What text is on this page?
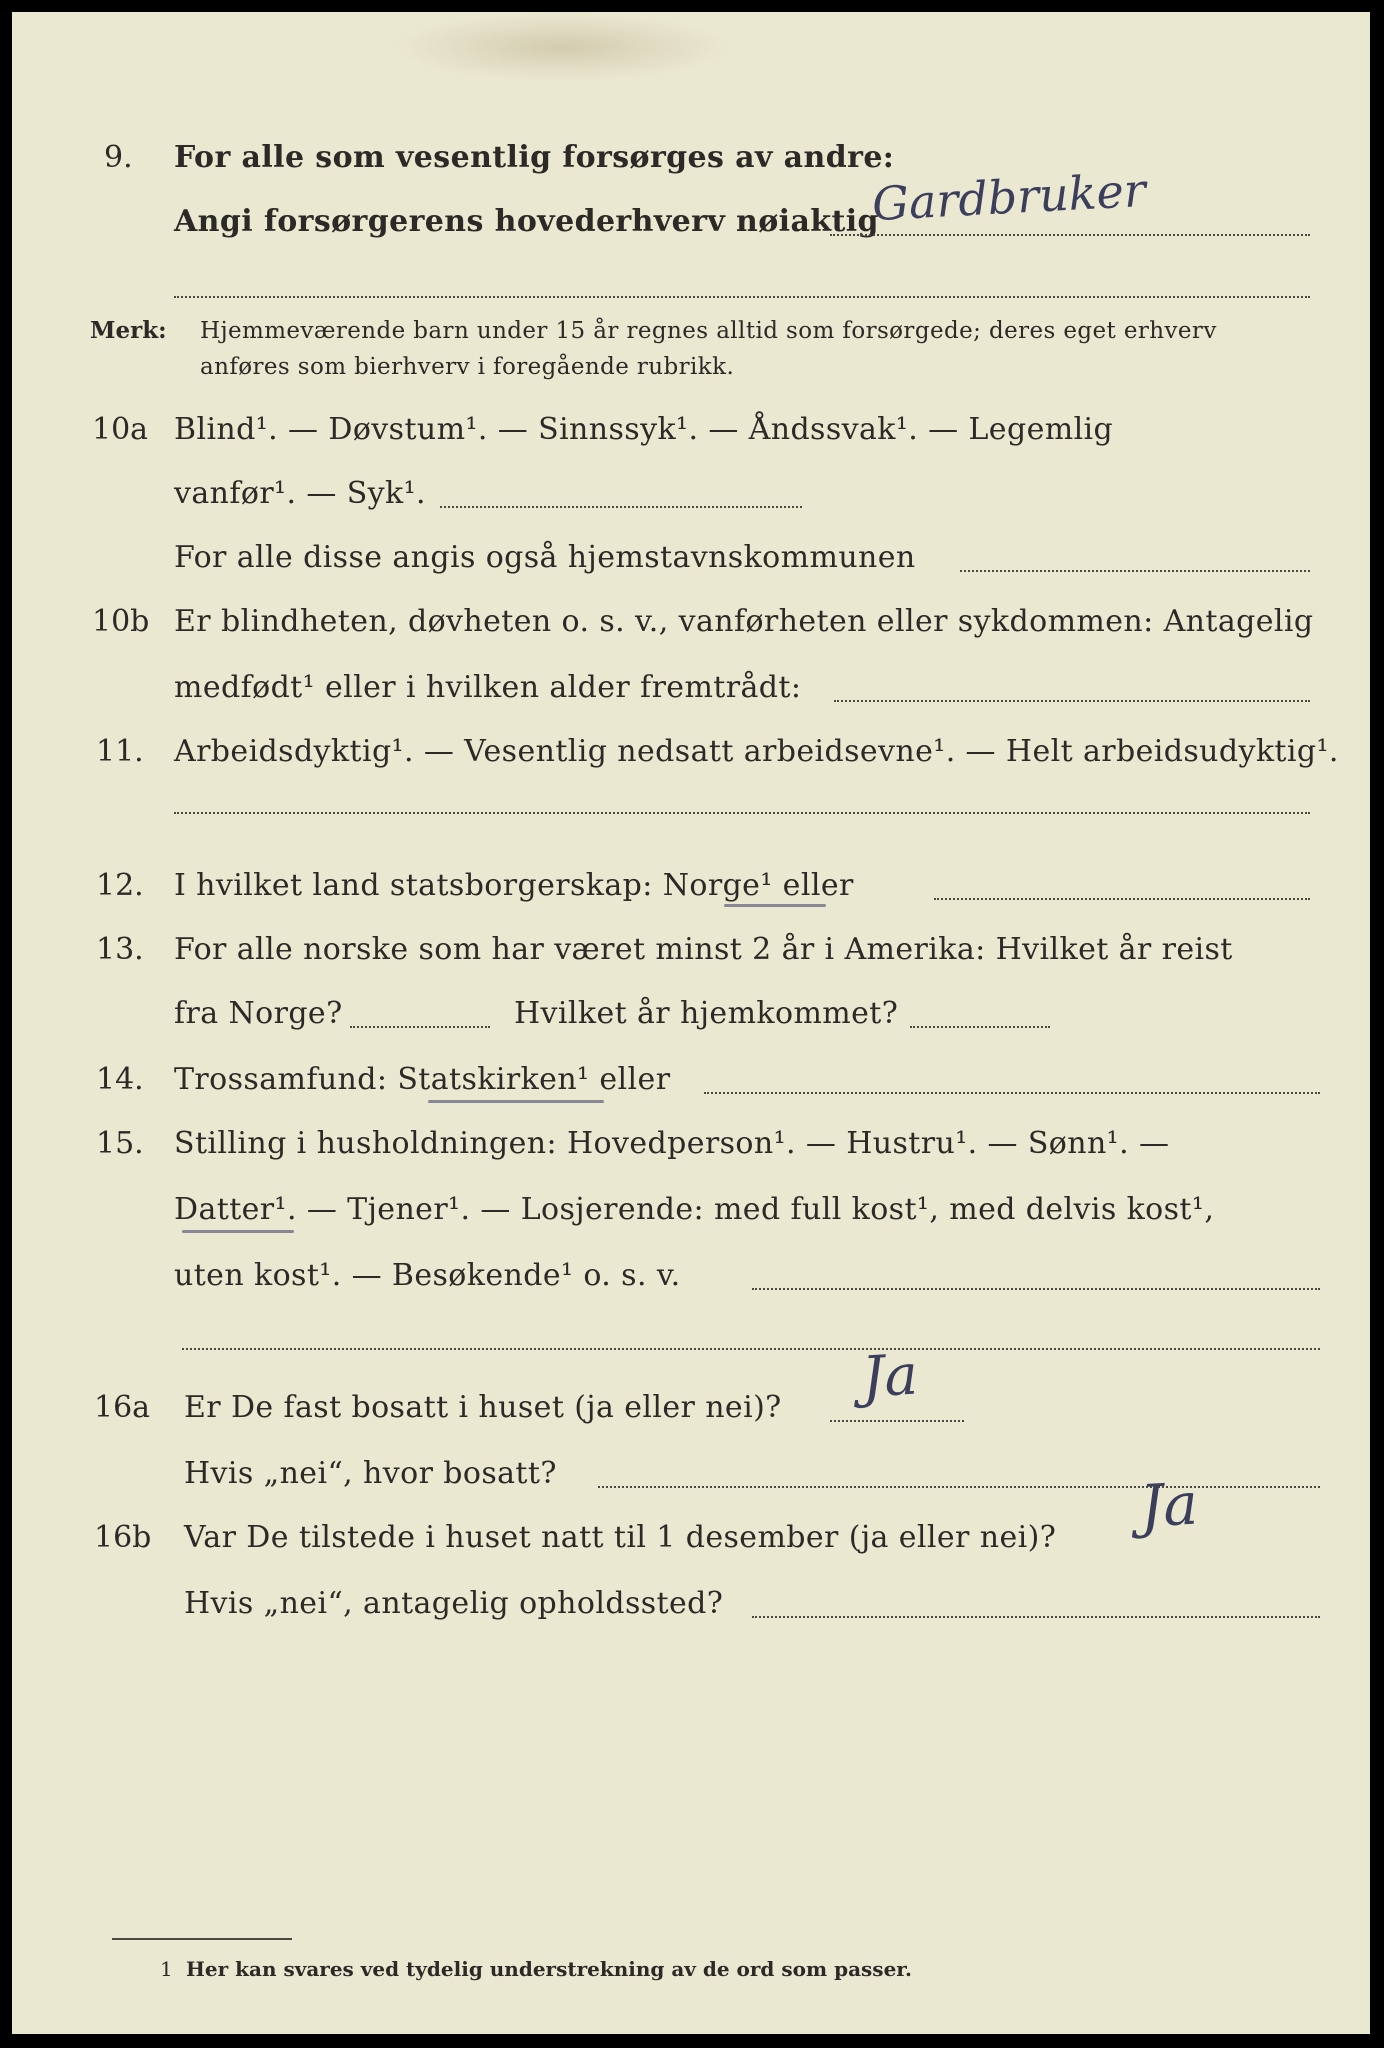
9. For alle som vesentlig forsørges av andre:
Angi forsørgerens hovederhverv nøiaktig
Gardbruker
Merk: Hjemmeværende barn under 15 år regnes alltid som forsørgede; deres eget erhverv
anføres som bierhverv i foregående rubrikk.
10a Blind¹. — Døvstum¹. — Sinnssyk¹. — Åndssvak¹. — Legemlig
vanfør¹. — Syk¹.
For alle disse angis også hjemstavnskommunen
10b Er blindheten, døvheten o. s. v., vanførheten eller sykdommen: Antagelig
medfødt¹ eller i hvilken alder fremtrådt:
11. Arbeidsdyktig¹. — Vesentlig nedsatt arbeidsevne¹. — Helt arbeidsudyktig¹.
12. I hvilket land statsborgerskap: Norge¹ eller
13. For alle norske som har været minst 2 år i Amerika: Hvilket år reist
fra Norge?	Hvilket år hjemkommet?
14. Trossamfund: Statskirken¹ eller
15. Stilling i husholdningen: Hovedperson¹. — Hustru¹. — Sønn¹. —
Datter¹. — Tjener¹. — Losjerende: med full kost¹, med delvis kost¹,
uten kost¹. — Besøkende¹ o. s. v.
16a Er De fast bosatt i huset (ja eller nei)? Ja
Hvis „nei“, hvor bosatt?
16b Var De tilstede i huset natt til 1 desember (ja eller nei)? Ja
Hvis „nei“, antagelig opholdssted?
1 Her kan svares ved tydelig understrekning av de ord som passer.
